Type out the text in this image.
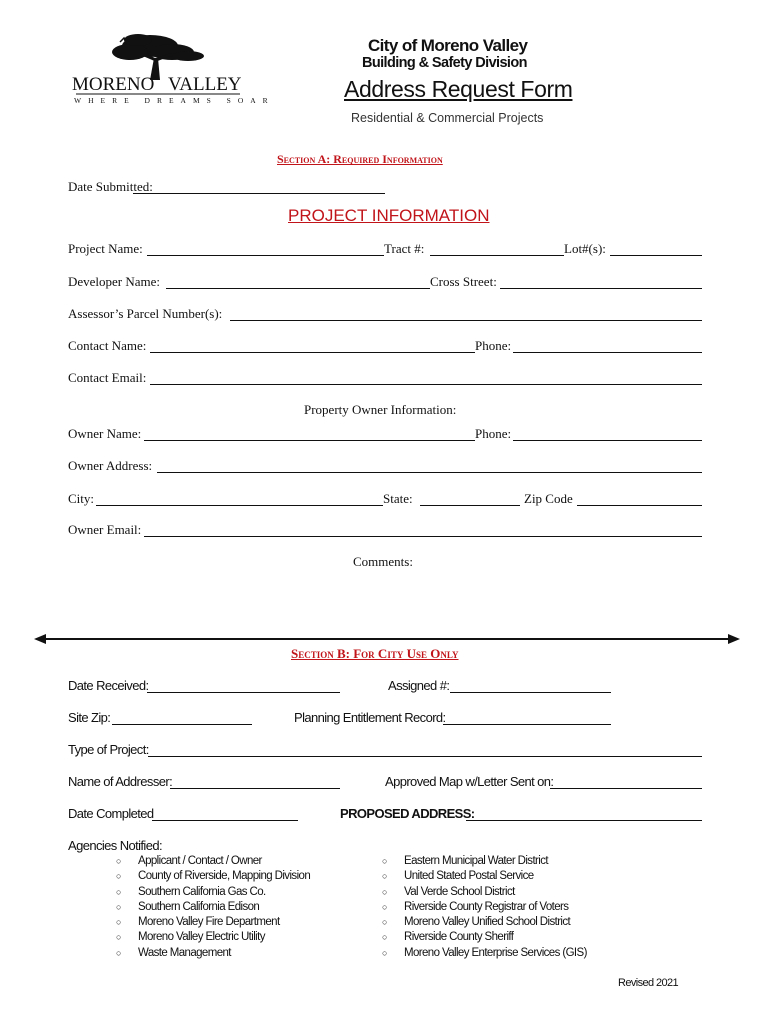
MORENO VALLEY
WHERE DREAMS SOAR
City of Moreno Valley
Building & Safety Division
Address Request Form
Residential & Commercial Projects
Section A: Required Information
Date Submitted:
PROJECT INFORMATION
Project Name:	Tract #:	Lot#(s):
Developer Name:	Cross Street:
Assessor’s Parcel Number(s):
Contact Name:	Phone:
Contact Email:
Property Owner Information:
Owner Name:	Phone:
Owner Address:
City:	State:	Zip Code
Owner Email:
Comments:
Section B: For City Use Only
Date Received:	Assigned #:
Site Zip:	Planning Entitlement Record:
Type of Project:
Name of Addresser:	Approved Map w/Letter Sent on:
Date Completed	PROPOSED ADDRESS:
Agencies Notified:
○ Applicant / Contact / Owner
○ County of Riverside, Mapping Division
○ Southern California Gas Co.
○ Southern California Edison
○ Moreno Valley Fire Department
○ Moreno Valley Electric Utility
○ Waste Management
○ Eastern Municipal Water District
○ United Stated Postal Service
○ Val Verde School District
○ Riverside County Registrar of Voters
○ Moreno Valley Unified School District
○ Riverside County Sheriff
○ Moreno Valley Enterprise Services (GIS)
Revised 2021
